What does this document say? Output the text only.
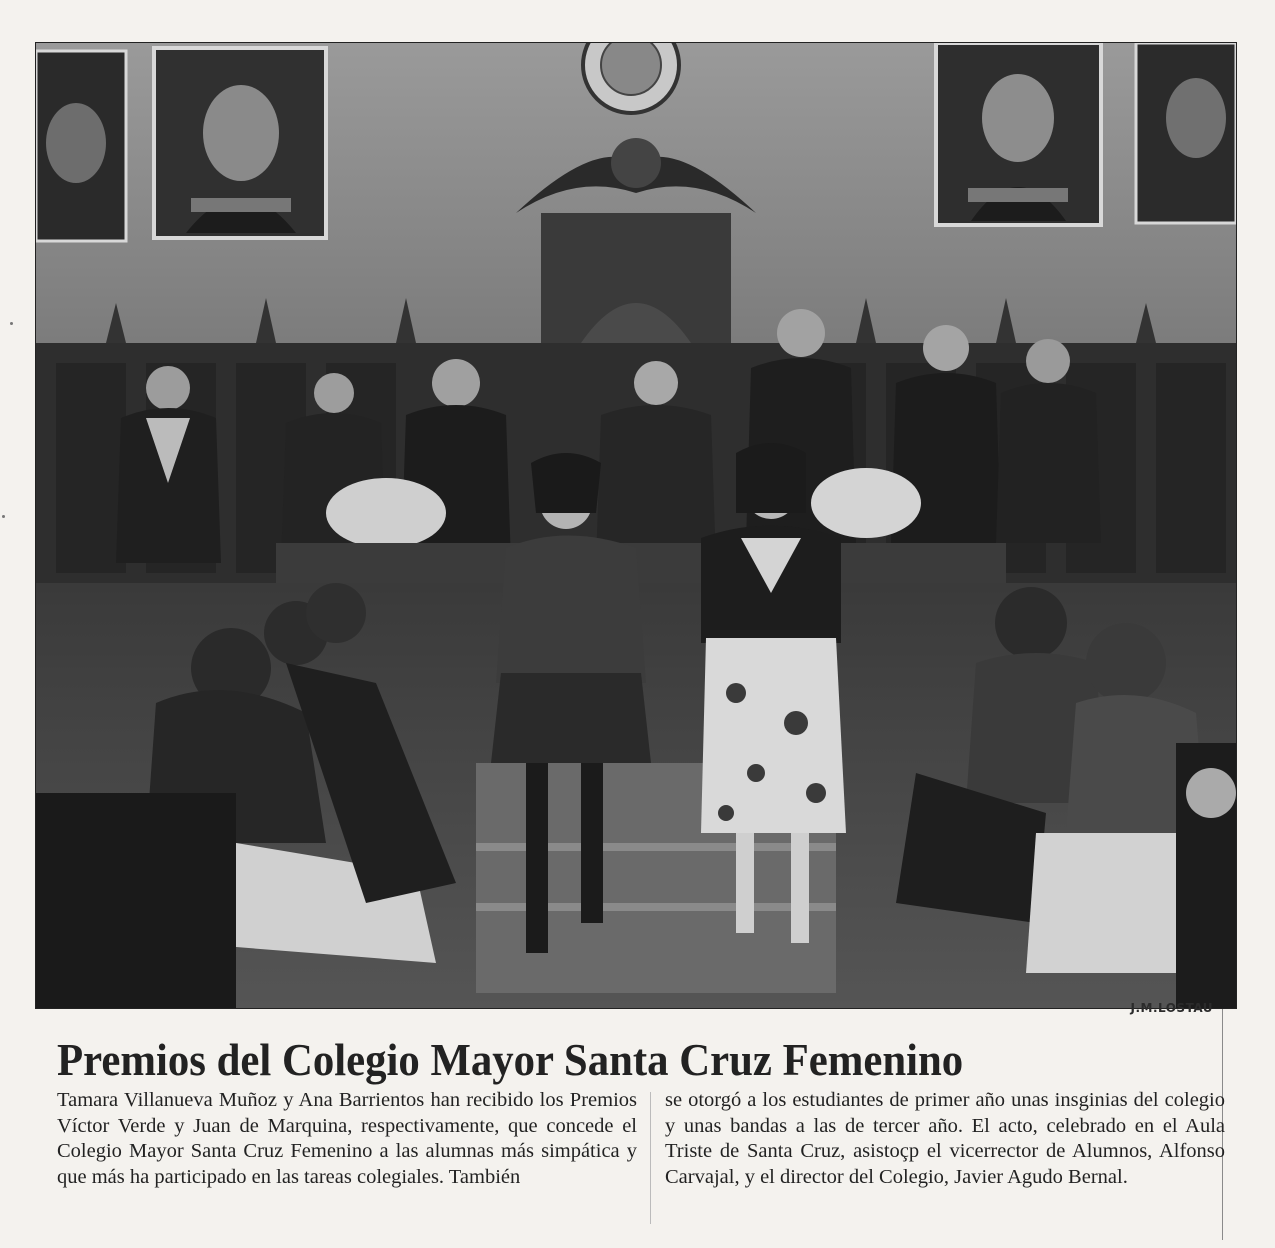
J.M.LOSTAU
Premios del Colegio Mayor Santa Cruz Femenino

Tamara Villanueva Muñoz y Ana Barrientos han recibido los Premios Víctor Verde y Juan de Marquina, respectivamente, que concede el Colegio Mayor Santa Cruz Femenino a las alumnas más simpática y que más ha participado en las tareas colegiales. También

se otorgó a los estudiantes de primer año unas insginias del colegio y unas bandas a las de tercer año. El acto, celebrado en el Aula Triste de Santa Cruz, asistoçp el vicerrector de Alumnos, Alfonso Carvajal, y el director del Colegio, Javier Agudo Bernal.
